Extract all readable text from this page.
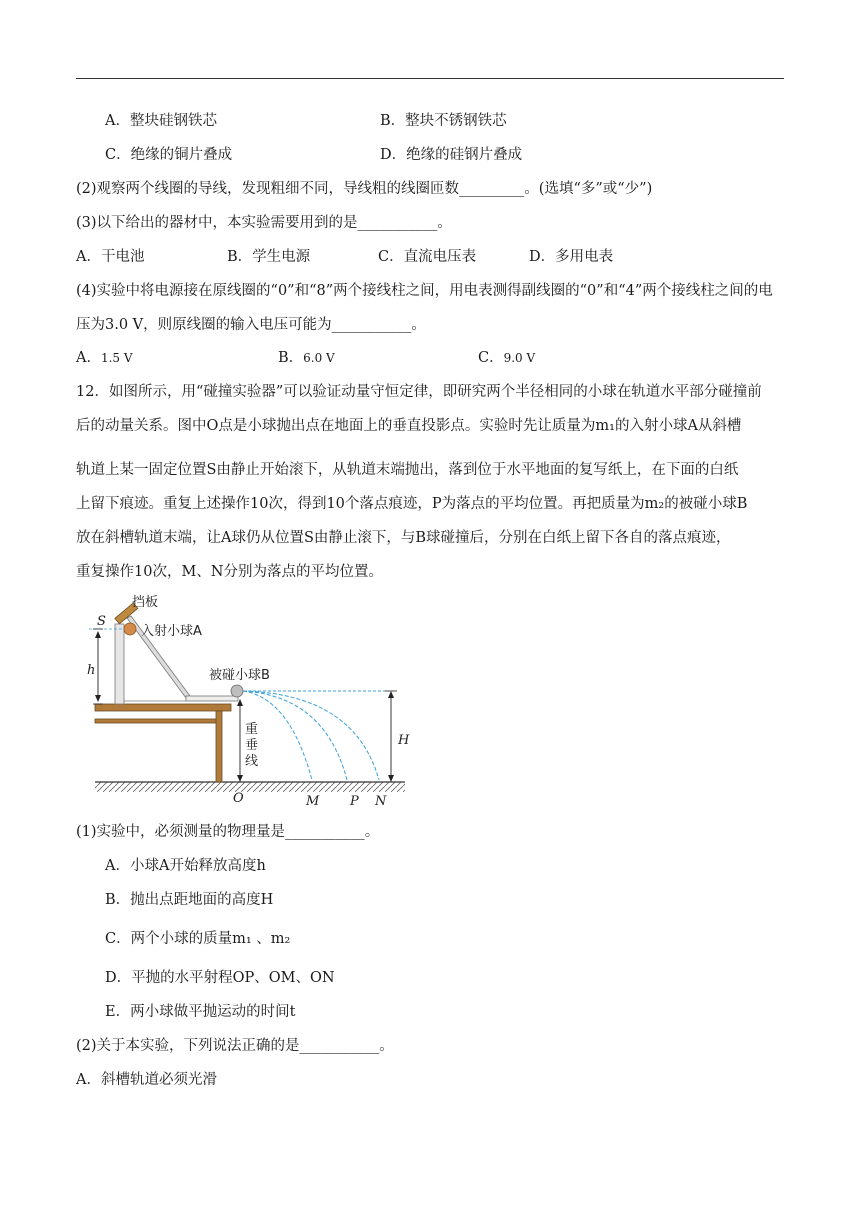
A．整块硅钢铁芯	B．整块不锈钢铁芯
C．绝缘的铜片叠成	D．绝缘的硅钢片叠成
(2)观察两个线圈的导线，发现粗细不同，导线粗的线圈匝数_________。(选填“多”或“少”)
(3)以下给出的器材中，本实验需要用到的是___________。
A．干电池	B．学生电源	C．直流电压表	D．多用电表
(4)实验中将电源接在原线圈的“0”和“8”两个接线柱之间，用电表测得副线圈的“0”和“4”两个接线柱之间的电
压为3.0 V，则原线圈的输入电压可能为___________。
A．1.5 V	B．6.0 V	C．9.0 V
12．如图所示，用“碰撞实验器”可以验证动量守恒定律，即研究两个半径相同的小球在轨道水平部分碰撞前
后的动量关系。图中O点是小球抛出点在地面上的垂直投影点。实验时先让质量为m₁的入射小球A从斜槽
轨道上某一固定位置S由静止开始滚下，从轨道末端抛出，落到位于水平地面的复写纸上，在下面的白纸
上留下痕迹。重复上述操作10次，得到10个落点痕迹，P为落点的平均位置。再把质量为m₂的被碰小球B
放在斜槽轨道末端，让A球仍从位置S由静止滚下，与B球碰撞后，分别在白纸上留下各自的落点痕迹，
重复操作10次，M、N分别为落点的平均位置。
挡板
入射小球A
被碰小球B
S
h
H
重
垂
线
O	M P N
(1)实验中，必须测量的物理量是___________。
A．小球A开始释放高度h
B．抛出点距地面的高度H
C．两个小球的质量m₁ 、m₂
D．平抛的水平射程OP、OM、ON
E．两小球做平抛运动的时间t
(2)关于本实验，下列说法正确的是___________。
A．斜槽轨道必须光滑
